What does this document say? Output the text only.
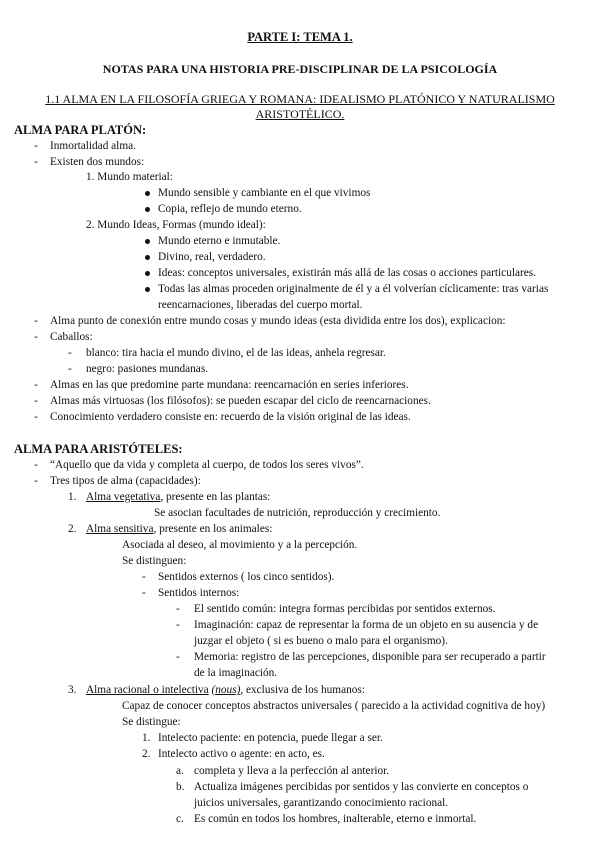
PARTE I: TEMA 1.
NOTAS PARA UNA HISTORIA PRE-DISCIPLINAR DE LA PSICOLOGÍA
1.1 ALMA EN LA FILOSOFÍA GRIEGA Y ROMANA: IDEALISMO PLATÓNICO Y NATURALISMO
ARISTOTÉLICO.
ALMA PARA PLATÓN:
- Inmortalidad alma.
- Existen dos mundos:
1. Mundo material:
Mundo sensible y cambiante en el que vivimos
Copia, reflejo de mundo eterno.
2. Mundo Ideas, Formas (mundo ideal):
Mundo eterno e inmutable.
Divino, real, verdadero.
Ideas: conceptos universales, existirán más allá de las cosas o acciones particulares.
Todas las almas proceden originalmente de él y a él volverían cíclicamente: tras varias
reencarnaciones, liberadas del cuerpo mortal.
- Alma punto de conexión entre mundo cosas y mundo ideas (esta dividida entre los dos), explicacion:
- Caballos:
- blanco: tira hacia el mundo divino, el de las ideas, anhela regresar.
- negro: pasiones mundanas.
- Almas en las que predomine parte mundana: reencarnación en series inferiores.
- Almas más virtuosas (los filósofos): se pueden escapar del ciclo de reencarnaciones.
- Conocimiento verdadero consiste en: recuerdo de la visión original de las ideas.
ALMA PARA ARISTÓTELES:
- “Aquello que da vida y completa al cuerpo, de todos los seres vivos”.
- Tres tipos de alma (capacidades):
1. Alma vegetativa, presente en las plantas:
Se asocian facultades de nutrición, reproducción y crecimiento.
2. Alma sensitiva, presente en los animales:
Asociada al deseo, al movimiento y a la percepción.
Se distinguen:
- Sentidos externos ( los cinco sentidos).
- Sentidos internos:
- El sentido común: integra formas percibidas por sentidos externos.
- Imaginación: capaz de representar la forma de un objeto en su ausencia y de
juzgar el objeto ( si es bueno o malo para el organismo).
- Memoria: registro de las percepciones, disponible para ser recuperado a partir
de la imaginación.
3. Alma racional o intelectiva (nous), exclusiva de los humanos:
Capaz de conocer conceptos abstractos universales ( parecido a la actividad cognitiva de hoy)
Se distingue:
1. Intelecto paciente: en potencia, puede llegar a ser.
2. Intelecto activo o agente: en acto, es.
a. completa y lleva a la perfección al anterior.
b. Actualiza imágenes percibidas por sentidos y las convierte en conceptos o
juicios universales, garantizando conocimiento racional.
c. Es común en todos los hombres, inalterable, eterno e inmortal.
